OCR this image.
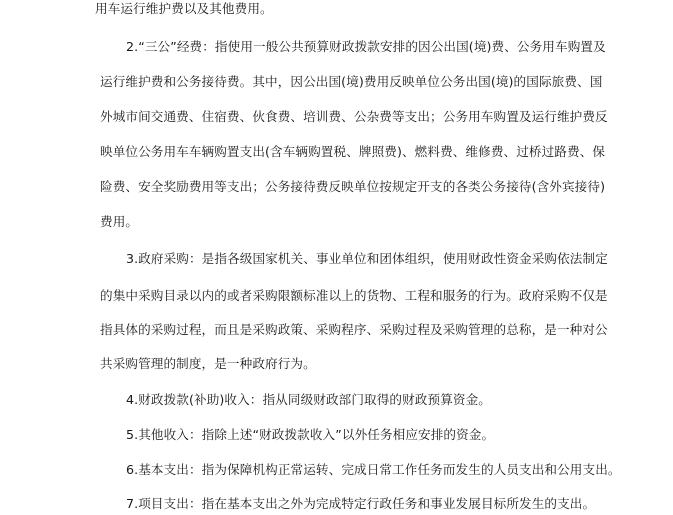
用车运行维护费以及其他费用。
2.“三公”经费：指使用一般公共预算财政拨款安排的因公出国(境)费、公务用车购置及
运行维护费和公务接待费。其中，因公出国(境)费用反映单位公务出国(境)的国际旅费、国
外城市间交通费、住宿费、伙食费、培训费、公杂费等支出；公务用车购置及运行维护费反
映单位公务用车车辆购置支出(含车辆购置税、牌照费)、燃料费、维修费、过桥过路费、保
险费、安全奖励费用等支出；公务接待费反映单位按规定开支的各类公务接待(含外宾接待)
费用。
3.政府采购：是指各级国家机关、事业单位和团体组织，使用财政性资金采购依法制定
的集中采购目录以内的或者采购限额标准以上的货物、工程和服务的行为。政府采购不仅是
指具体的采购过程，而且是采购政策、采购程序、采购过程及采购管理的总称，是一种对公
共采购管理的制度，是一种政府行为。
4.财政拨款(补助)收入：指从同级财政部门取得的财政预算资金。
5.其他收入：指除上述“财政拨款收入”以外任务相应安排的资金。
6.基本支出：指为保障机构正常运转、完成日常工作任务而发生的人员支出和公用支出。
7.项目支出：指在基本支出之外为完成特定行政任务和事业发展目标所发生的支出。
